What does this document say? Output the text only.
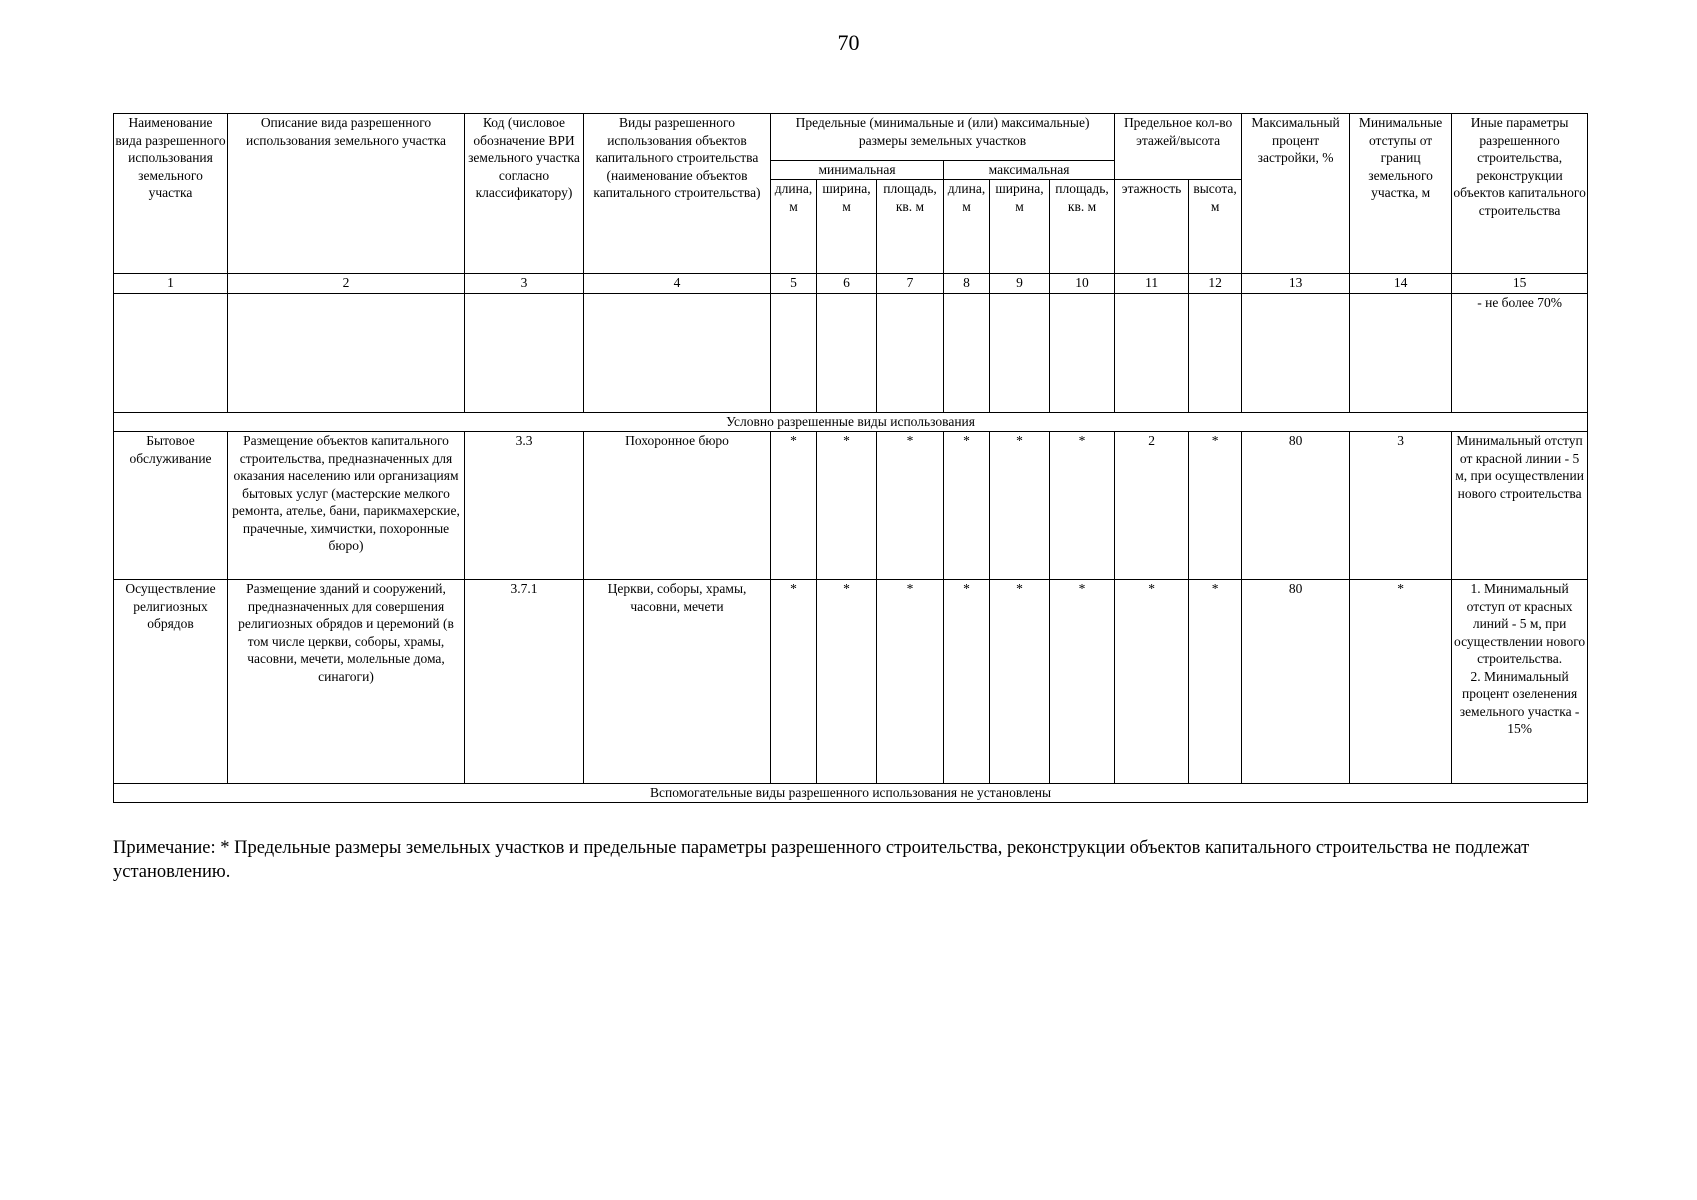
70
Наименование вида разрешенного использования земельного участка	Описание вида разрешенного использования земельного участка	Код (числовое обозначение ВРИ земельного участка согласно классификатору)	Виды разрешенного использования объектов капитального строительства (наименование объектов капитального строительства)	Предельные (минимальные и (или) максимальные) размеры земельных участков						Предельное кол-во этажей/высота		Максимальный процент застройки, %	Минимальные отступы от границ земельного участка, м	Иные параметры разрешенного строительства, реконструкции объектов капитального строительства
				минимальная			максимальная							
				длина, м	ширина, м	площадь, кв. м	длина, м	ширина, м	площадь, кв. м	этажность	высота, м			

1	2	3	4	5	6	7	8	9	10	11	12	13	14	15
														- не более 70%
Условно разрешенные виды использования														
Бытовое обслуживание	Размещение объектов капитального строительства, предназначенных для оказания населению или организациям бытовых услуг (мастерские мелкого ремонта, ателье, бани, парикмахерские, прачечные, химчистки, похоронные бюро)	3.3	Похоронное бюро	*	*	*	*	*	*	2	*	80	3	Минимальный отступ от красной линии - 5 м, при осуществлении нового строительства
Осуществление религиозных обрядов	Размещение зданий и сооружений, предназначенных для совершения религиозных обрядов и церемоний (в том числе церкви, соборы, храмы, часовни, мечети, молельные дома, синагоги)	3.7.1	Церкви, соборы, храмы, часовни, мечети	*	*	*	*	*	*	*	*	80	*	1. Минимальный отступ от красных линий - 5 м, при осуществлении нового строительства.
2. Минимальный процент озеленения земельного участка - 15%
Вспомогательные виды разрешенного использования не установлены														
Примечание: * Предельные размеры земельных участков и предельные параметры разрешенного строительства, реконструкции объектов капитального строительства не подлежат установлению.
